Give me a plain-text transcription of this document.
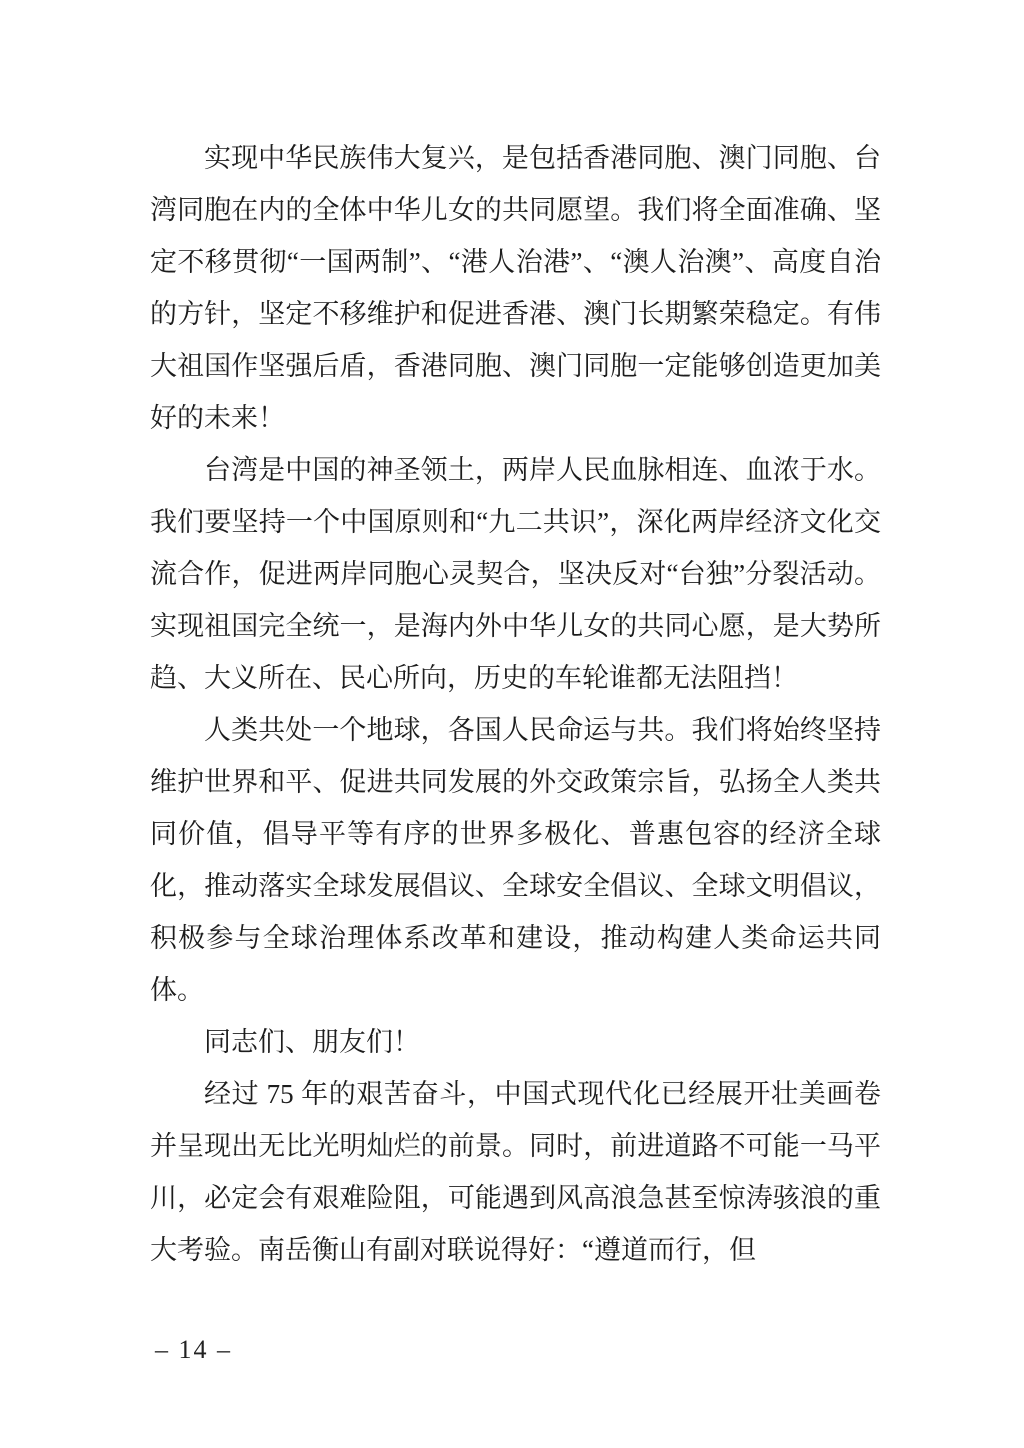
实现中华民族伟大复兴，是包括香港同胞、澳门同胞、台湾同胞在内的全体中华儿女的共同愿望。我们将全面准确、坚定不移贯彻“一国两制”、“港人治港”、“澳人治澳”、高度自治的方针，坚定不移维护和促进香港、澳门长期繁荣稳定。有伟大祖国作坚强后盾，香港同胞、澳门同胞一定能够创造更加美好的未来！

台湾是中国的神圣领土，两岸人民血脉相连、血浓于水。我们要坚持一个中国原则和“九二共识”，深化两岸经济文化交流合作，促进两岸同胞心灵契合，坚决反对“台独”分裂活动。实现祖国完全统一，是海内外中华儿女的共同心愿，是大势所趋、大义所在、民心所向，历史的车轮谁都无法阻挡！

人类共处一个地球，各国人民命运与共。我们将始终坚持维护世界和平、促进共同发展的外交政策宗旨，弘扬全人类共同价值，倡导平等有序的世界多极化、普惠包容的经济全球化，推动落实全球发展倡议、全球安全倡议、全球文明倡议，积极参与全球治理体系改革和建设，推动构建人类命运共同体。

同志们、朋友们！

经过 75 年的艰苦奋斗，中国式现代化已经展开壮美画卷并呈现出无比光明灿烂的前景。同时，前进道路不可能一马平川，必定会有艰难险阻，可能遇到风高浪急甚至惊涛骇浪的重大考验。南岳衡山有副对联说得好：“遵道而行，但

– 14 –
